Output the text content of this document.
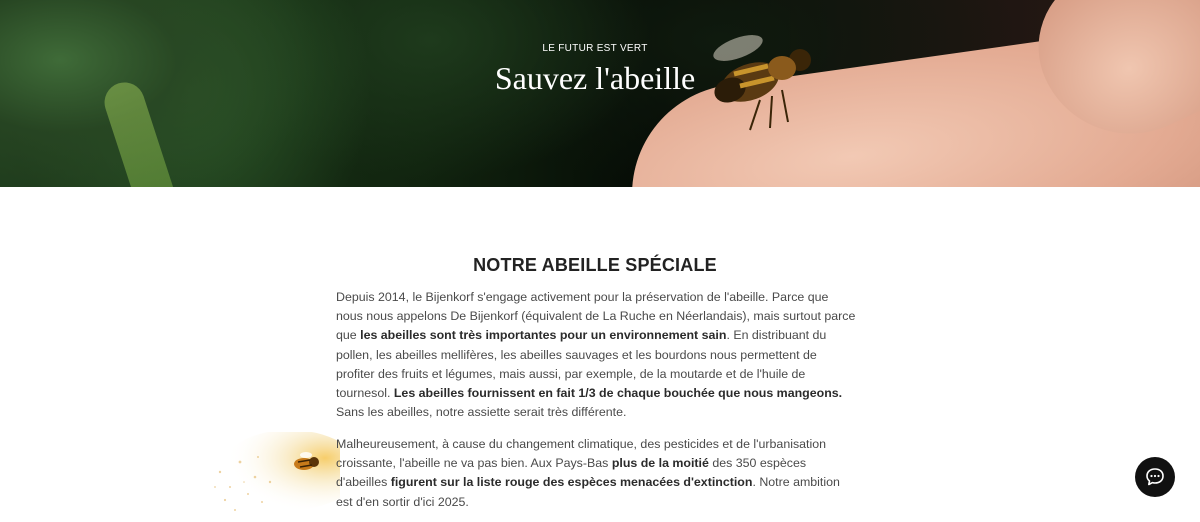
LE FUTUR EST VERT
Sauvez l'abeille
NOTRE ABEILLE SPÉCIALE

Depuis 2014, le Bijenkorf s'engage activement pour la préservation de l'abeille. Parce que nous nous appelons De Bijenkorf (équivalent de La Ruche en Néerlandais), mais surtout parce que les abeilles sont très importantes pour un environnement sain. En distribuant du pollen, les abeilles mellifères, les abeilles sauvages et les bourdons nous permettent de profiter des fruits et légumes, mais aussi, par exemple, de la moutarde et de l'huile de tournesol. Les abeilles fournissent en fait 1/3 de chaque bouchée que nous mangeons. Sans les abeilles, notre assiette serait très différente.

Malheureusement, à cause du changement climatique, des pesticides et de l'urbanisation croissante, l'abeille ne va pas bien. Aux Pays-Bas plus de la moitié des 350 espèces d'abeilles figurent sur la liste rouge des espèces menacées d'extinction. Notre ambition est d'en sortir d'ici 2025.
